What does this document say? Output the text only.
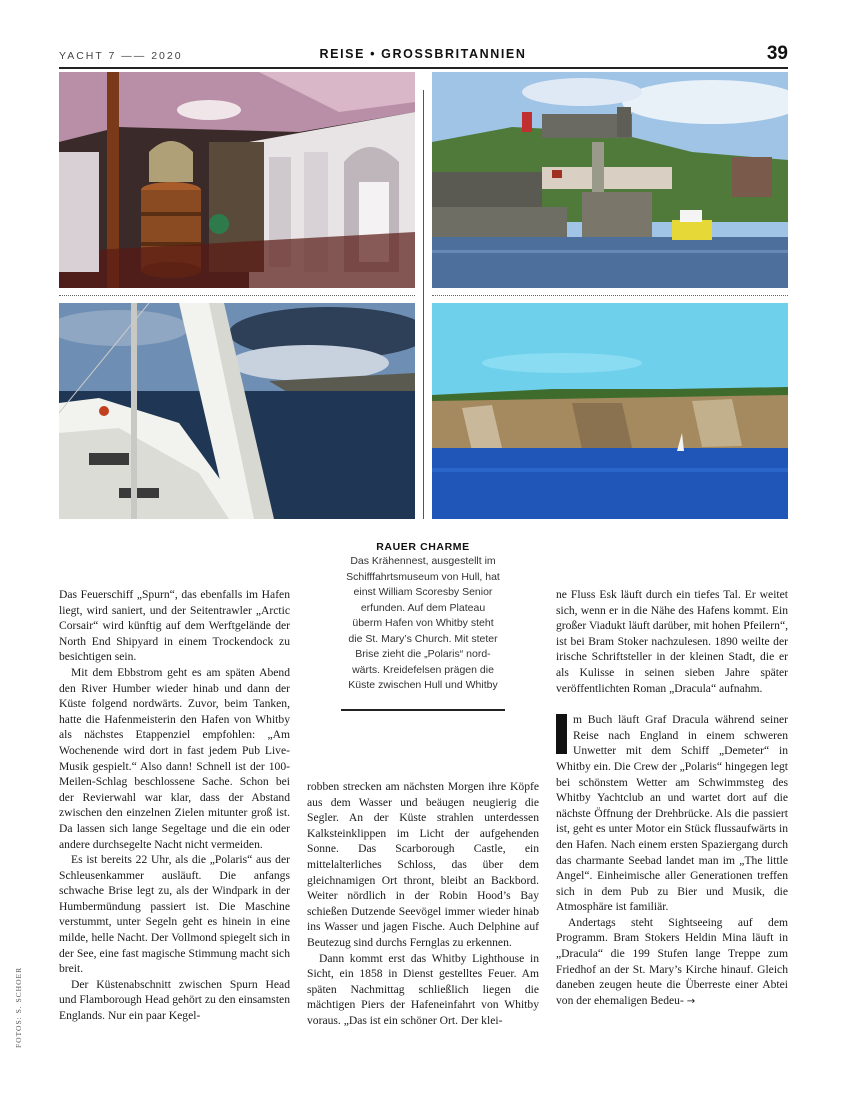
YACHT 7 —— 2020	REISE • GROSSBRITANNIEN	39
RAUER CHARME
Das Krähennest, ausgestellt im
Schifffahrtsmuseum von Hull, hat
einst William Scoresby Senior
erfunden. Auf dem Plateau
überm Hafen von Whitby steht
die St. Mary’s Church. Mit steter
Brise zieht die „Polaris“ nord-
wärts. Kreidefelsen prägen die
Küste zwischen Hull und Whitby

Das Feuerschiff „Spurn“, das ebenfalls im Hafen liegt, wird saniert, und der Seitentrawler „Arctic Corsair“ wird künftig auf dem Werftgelände der North End Shipyard in einem Trockendock zu besichtigen sein.

Mit dem Ebbstrom geht es am späten Abend den River Humber wieder hinab und dann der Küste folgend nordwärts. Zuvor, beim Tanken, hatte die Hafenmeisterin den Hafen von Whitby als nächstes Etappenziel empfohlen: „Am Wochenende wird dort in fast jedem Pub Live-Musik gespielt.“ Also dann! Schnell ist der 100-Meilen-Schlag beschlossene Sache. Schon bei der Revierwahl war klar, dass der Abstand zwischen den einzelnen Zielen mitunter groß ist. Da lassen sich lange Segeltage und die ein oder andere durchsegelte Nacht nicht vermeiden.

Es ist bereits 22 Uhr, als die „Polaris“ aus der Schleusenkammer ausläuft. Die anfangs schwache Brise legt zu, als der Windpark in der Humbermündung passiert ist. Die Maschine verstummt, unter Segeln geht es hinein in eine milde, helle Nacht. Der Vollmond spiegelt sich in der See, eine fast magische Stimmung macht sich breit.

Der Küstenabschnitt zwischen Spurn Head und Flamborough Head gehört zu den einsamsten Englands. Nur ein paar Kegel-

robben strecken am nächsten Morgen ihre Köpfe aus dem Wasser und beäugen neugierig die Segler. An der Küste strahlen unterdessen Kalksteinklippen im Licht der aufgehenden Sonne. Das Scarborough Castle, ein mittelalterliches Schloss, das über dem gleichnamigen Ort thront, bleibt an Backbord. Weiter nördlich in der Robin Hood’s Bay schießen Dutzende Seevögel immer wieder hinab ins Wasser und jagen Fische. Auch Delphine auf Beutezug sind durchs Fernglas zu erkennen.

Dann kommt erst das Whitby Lighthouse in Sicht, ein 1858 in Dienst gestelltes Feuer. Am späten Nachmittag schließlich liegen die mächtigen Piers der Hafeneinfahrt von Whitby voraus. „Das ist ein schöner Ort. Der klei-

ne Fluss Esk läuft durch ein tiefes Tal. Er weitet sich, wenn er in die Nähe des Hafens kommt. Ein großer Viadukt läuft darüber, mit hohen Pfeilern“, ist bei Bram Stoker nachzulesen. 1890 weilte der irische Schriftsteller in der kleinen Stadt, die er als Kulisse in seinen sieben Jahre später veröffentlichten Roman „Dracula“ aufnahm.

m Buch läuft Graf Dracula während seiner Reise nach England in einem schweren Unwetter mit dem Schiff „Demeter“ in Whitby ein. Die Crew der „Polaris“ hingegen legt bei schönstem Wetter am Schwimmsteg des Whitby Yachtclub an und wartet dort auf die nächste Öffnung der Drehbrücke. Als die passiert ist, geht es unter Motor ein Stück flussaufwärts in den Hafen. Nach einem ersten Spaziergang durch das charmante Seebad landet man im „The little Angel“. Einheimische aller Generationen treffen sich in dem Pub zu Bier und Musik, die Atmosphäre ist familiär.

Andertags steht Sightseeing auf dem Programm. Bram Stokers Heldin Mina läuft in „Dracula“ die 199 Stufen lange Treppe zum Friedhof an der St. Mary’s Kirche hinauf. Gleich daneben zeugen heute die Überreste einer Abtei von der ehemaligen Bedeu- →

FOTOS: S. SCHOER
